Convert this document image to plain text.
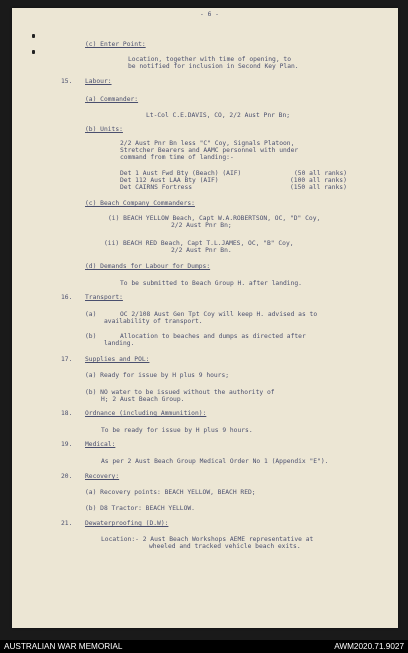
- 6 -
(c) Enter Point:
Location, together with time of opening, to
be notified for inclusion in Second Key Plan.
15. Labour:
(a) Commander:
Lt-Col C.E.DAVIS, CO, 2/2 Aust Pnr Bn;
(b) Units:
2/2 Aust Pnr Bn less "C" Coy, Signals Platoon,
Stretcher Bearers and AAMC personnel with under
command from time of landing:-
Det 1 Aust Fwd Bty (Beach) (AIF)	(50 all ranks)
Det 112 Aust LAA Bty (AIF)	(100 all ranks)
Det CAIRNS Fortress	(150 all ranks)
(c) Beach Company Commanders:
(i) BEACH YELLOW Beach, Capt W.A.ROBERTSON, OC, "D" Coy,
2/2 Aust Pnr Bn;
(ii) BEACH RED Beach, Capt T.L.JAMES, OC, "B" Coy,
2/2 Aust Pnr Bn.
(d) Demands for Labour for Dumps:
To be submitted to Beach Group H. after landing.
16. Transport:
(a)	OC 2/108 Aust Gen Tpt Coy will keep H. advised as to
availability of transport.
(b)	Allocation to beaches and dumps as directed after
landing.
17. Supplies and POL:
(a) Ready for issue by H plus 9 hours;
(b) NO water to be issued without the authority of
H; 2 Aust Beach Group.
18. Ordnance (including Ammunition):
To be ready for issue by H plus 9 hours.
19. Medical:
As per 2 Aust Beach Group Medical Order No 1 (Appendix "E").
20. Recovery:
(a) Recovery points: BEACH YELLOW, BEACH RED;
(b) D8 Tractor: BEACH YELLOW.
21. Dewaterproofing (D.W):
Location:- 2 Aust Beach Workshops AEME representative at
wheeled and tracked vehicle beach exits.
AUSTRALIAN WAR MEMORIAL	AWM2020.71.9027
